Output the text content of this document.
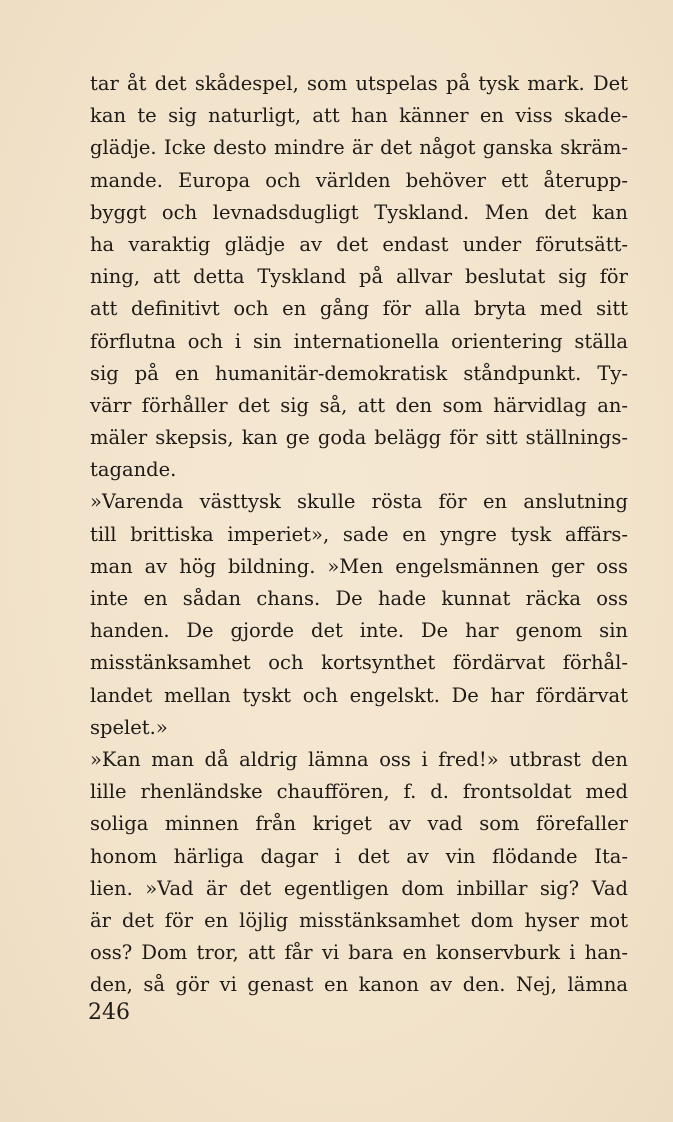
tar åt det skådespel, som utspelas på tysk mark. Det
kan te sig naturligt, att han känner en viss skade-
glädje. Icke desto mindre är det något ganska skräm-
mande. Europa och världen behöver ett återupp-
byggt och levnadsdugligt Tyskland. Men det kan
ha varaktig glädje av det endast under förutsätt-
ning, att detta Tyskland på allvar beslutat sig för
att definitivt och en gång för alla bryta med sitt
förflutna och i sin internationella orientering ställa
sig på en humanitär-demokratisk ståndpunkt. Ty-
värr förhåller det sig så, att den som härvidlag an-
mäler skepsis, kan ge goda belägg för sitt ställnings-
tagande.
»Varenda västtysk skulle rösta för en anslutning
till brittiska imperiet», sade en yngre tysk affärs-
man av hög bildning. »Men engelsmännen ger oss
inte en sådan chans. De hade kunnat räcka oss
handen. De gjorde det inte. De har genom sin
misstänksamhet och kortsynthet fördärvat förhål-
landet mellan tyskt och engelskt. De har fördärvat
spelet.»
»Kan man då aldrig lämna oss i fred!» utbrast den
lille rhenländske chauffören, f. d. frontsoldat med
soliga minnen från kriget av vad som förefaller
honom härliga dagar i det av vin flödande Ita-
lien. »Vad är det egentligen dom inbillar sig? Vad
är det för en löjlig misstänksamhet dom hyser mot
oss? Dom tror, att får vi bara en konservburk i han-
den, så gör vi genast en kanon av den. Nej, lämna
246
